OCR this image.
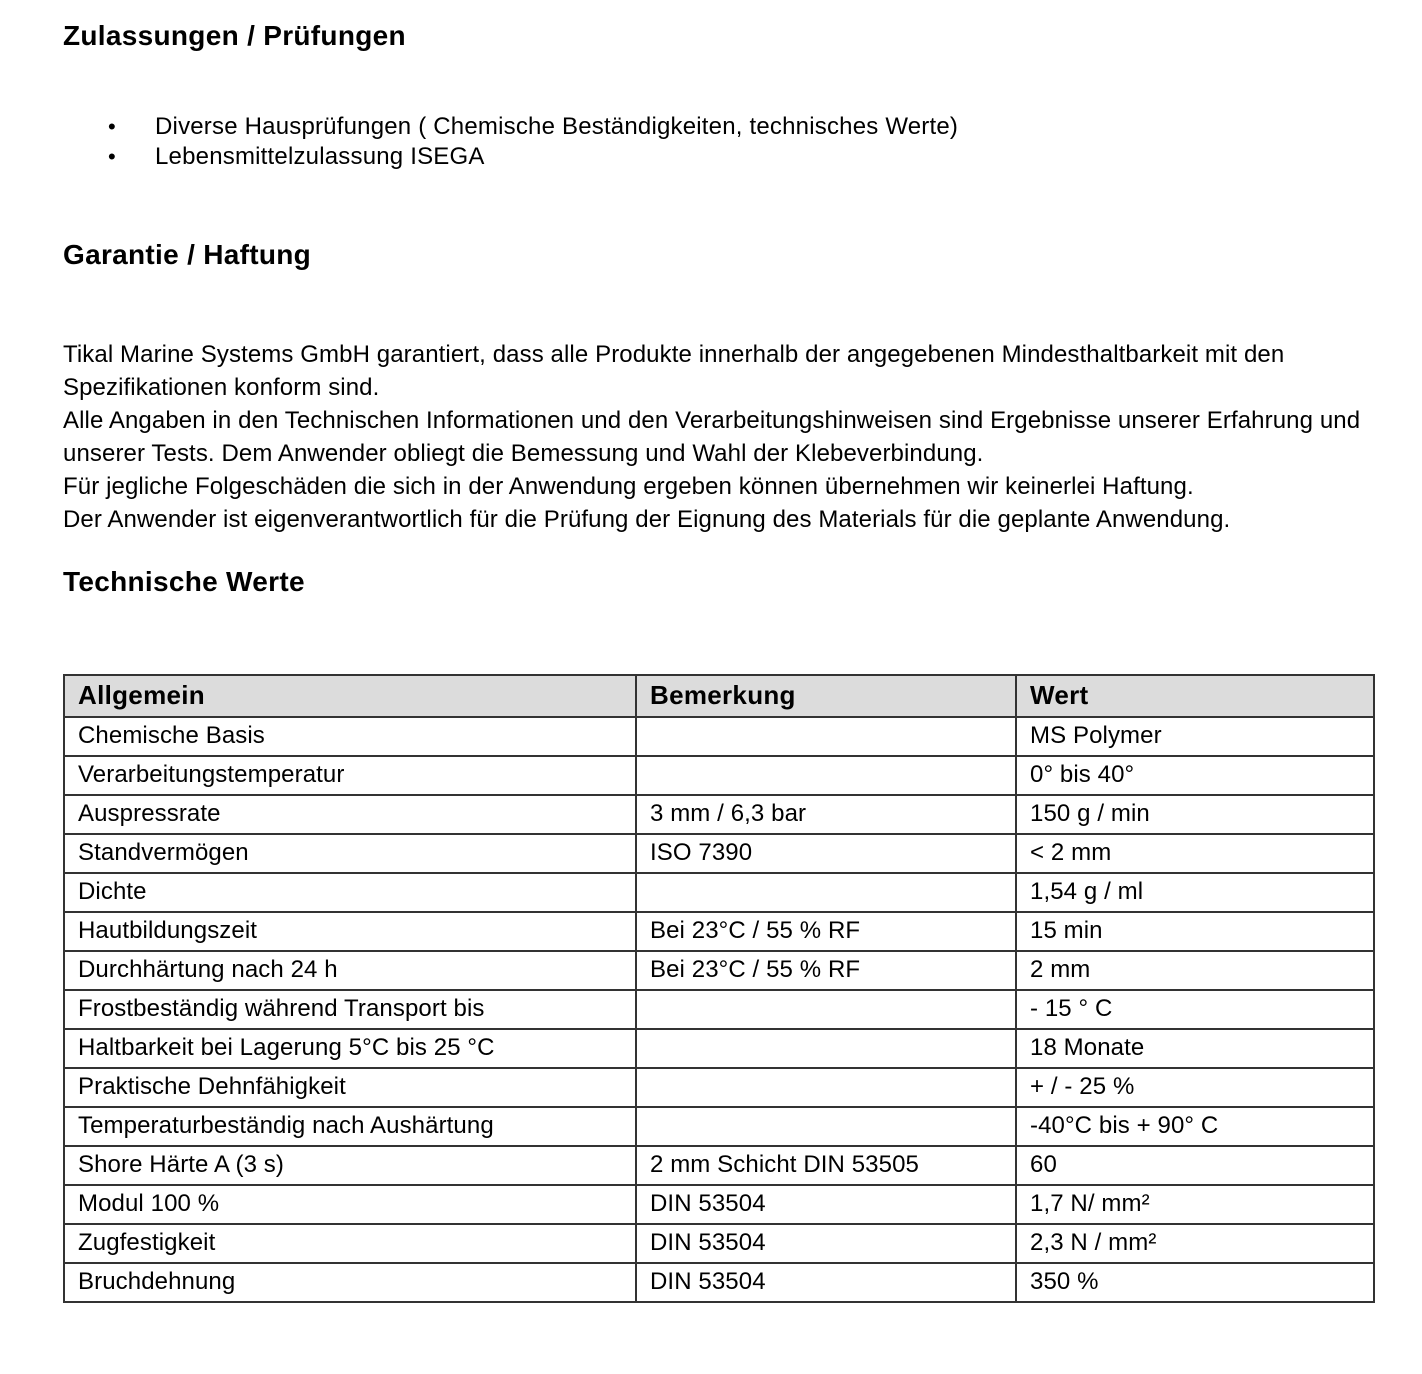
Zulassungen / Prüfungen
•	Diverse Hausprüfungen ( Chemische Beständigkeiten, technisches Werte)
•	Lebensmittelzulassung ISEGA
Garantie / Haftung

Tikal Marine Systems GmbH garantiert, dass alle Produkte innerhalb der angegebenen Mindesthaltbarkeit mit den Spezifikationen konform sind.

Alle Angaben in den Technischen Informationen und den Verarbeitungshinweisen sind Ergebnisse unserer Erfahrung und unserer Tests. Dem Anwender obliegt die Bemessung und Wahl der Klebeverbindung.

Für jegliche Folgeschäden die sich in der Anwendung ergeben können übernehmen wir keinerlei Haftung.

Der Anwender ist eigenverantwortlich für die Prüfung der Eignung des Materials für die geplante Anwendung.

Technische Werte
Allgemein	Bemerkung	Wert
Chemische Basis		MS Polymer
Verarbeitungstemperatur		0° bis 40°
Auspressrate	3 mm / 6,3 bar	150 g / min
Standvermögen	ISO 7390	< 2 mm
Dichte		1,54 g / ml
Hautbildungszeit	Bei 23°C / 55 % RF	15 min
Durchhärtung nach 24 h	Bei 23°C / 55 % RF	2 mm
Frostbeständig während Transport bis		- 15 ° C
Haltbarkeit bei Lagerung 5°C bis 25 °C		18 Monate
Praktische Dehnfähigkeit		+ / - 25 %
Temperaturbeständig nach Aushärtung		-40°C bis + 90° C
Shore Härte A (3 s)	2 mm Schicht DIN 53505	60
Modul 100 %	DIN 53504	1,7 N/ mm²
Zugfestigkeit	DIN 53504	2,3 N / mm²
Bruchdehnung	DIN 53504	350 %
